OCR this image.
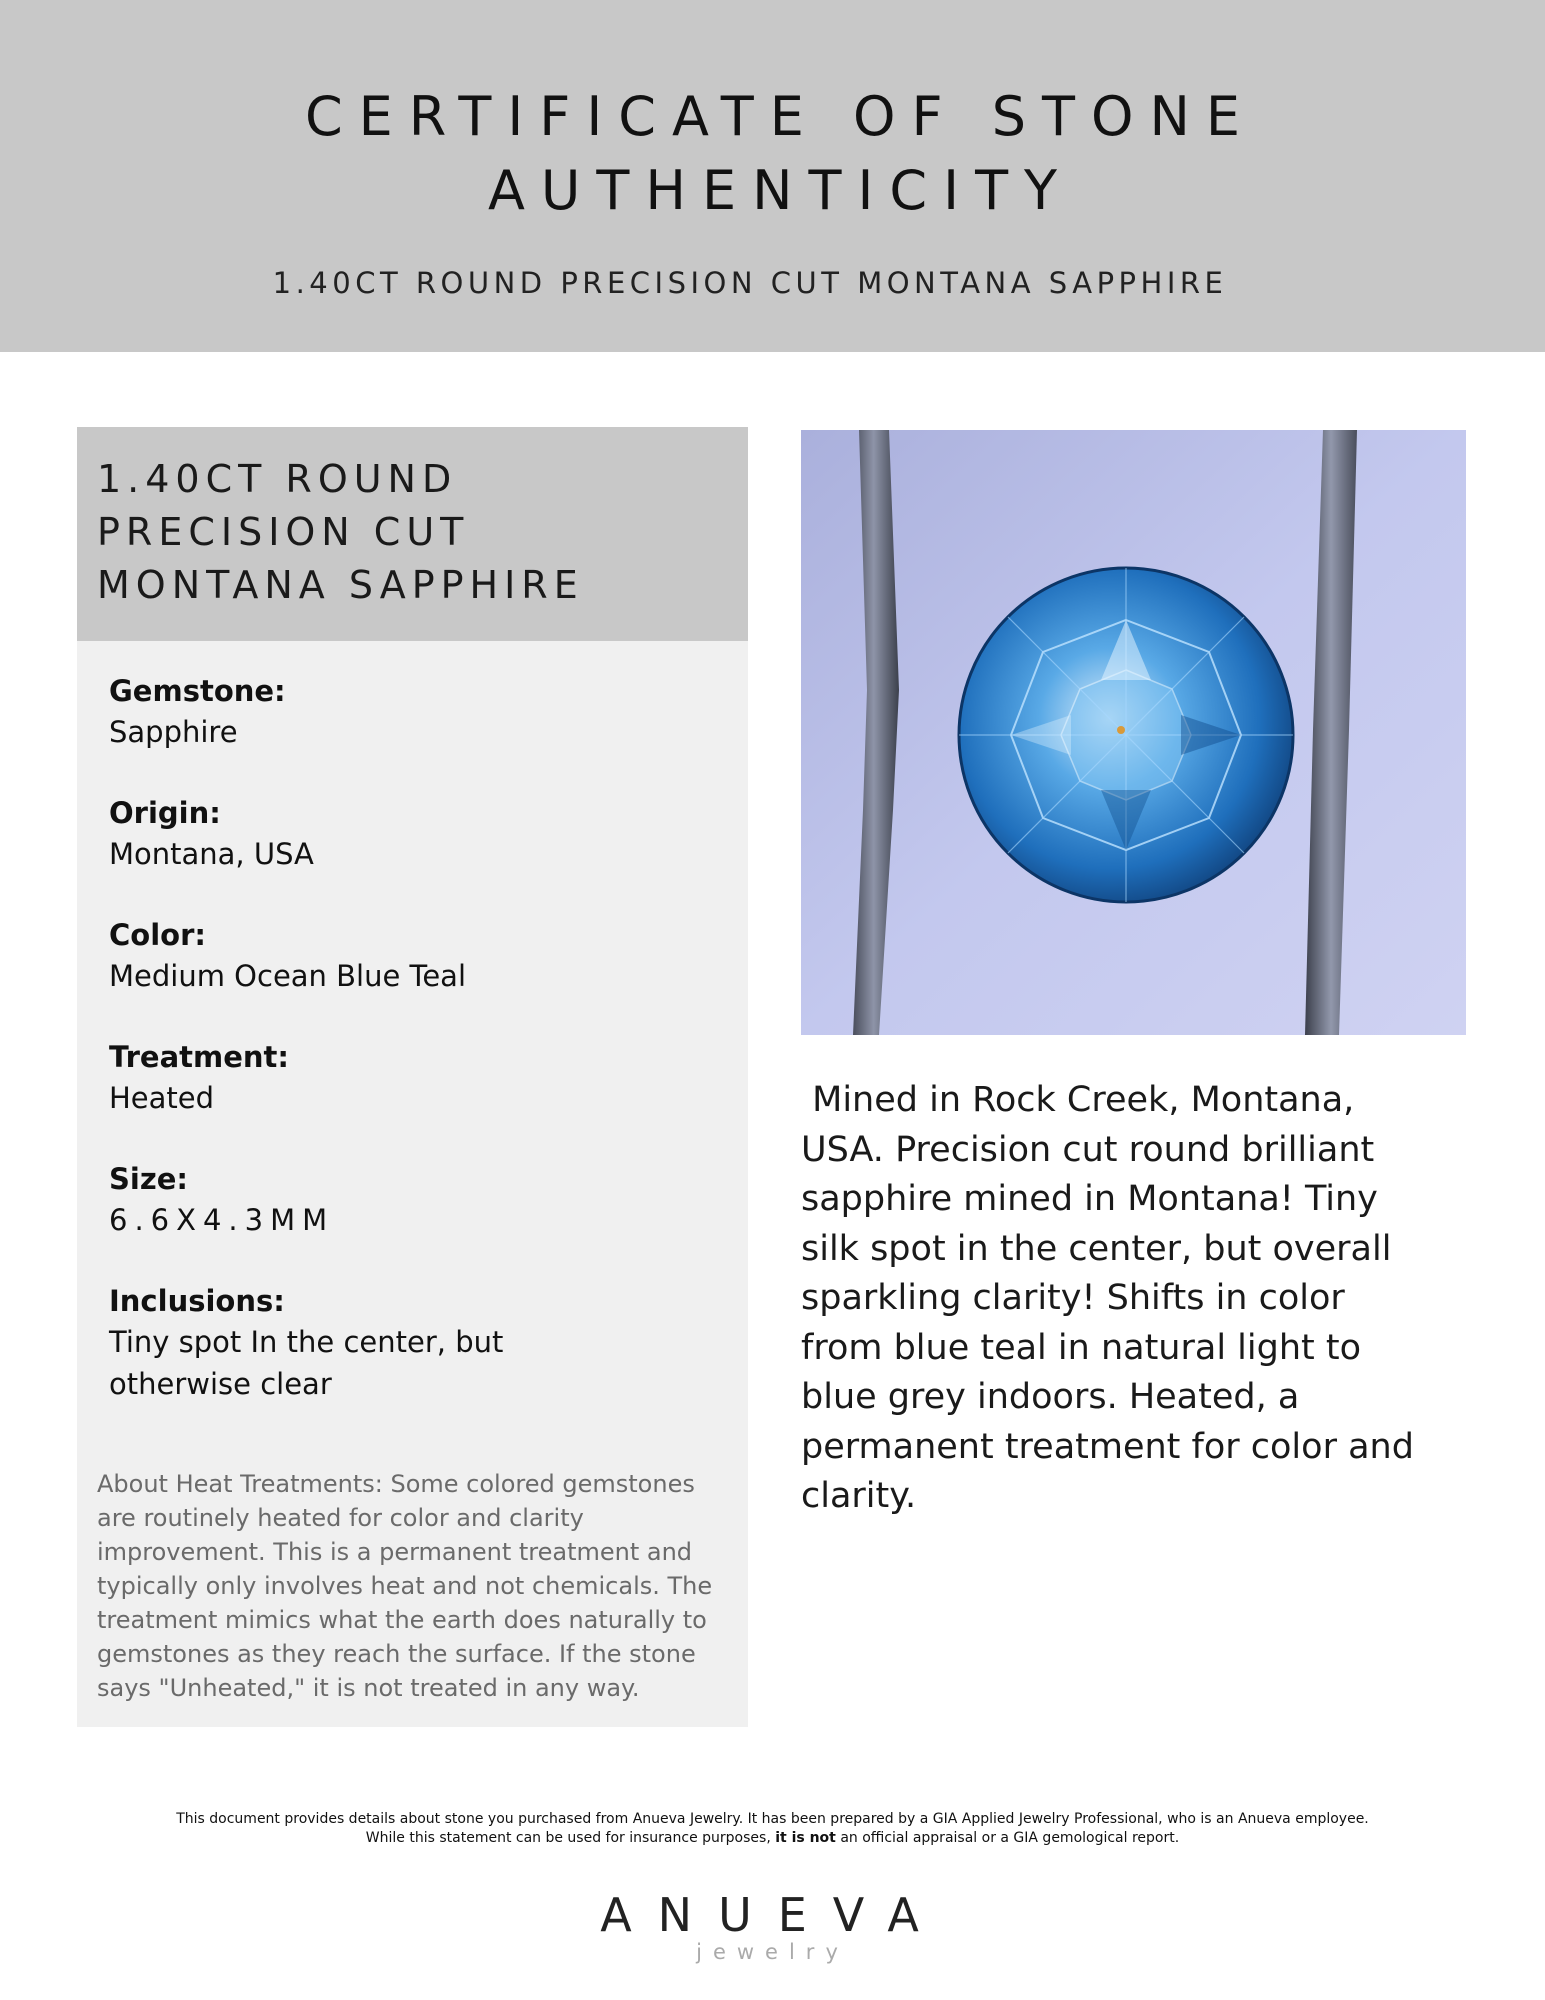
CERTIFICATE OF STONE
AUTHENTICITY
1.40CT ROUND PRECISION CUT MONTANA SAPPHIRE
1.40CT ROUND
PRECISION CUT
MONTANA SAPPHIRE
Gemstone:
Sapphire
Origin:
Montana, USA
Color:
Medium Ocean Blue Teal
Treatment:
Heated
Size:
6.6X4.3MM
Inclusions:
Tiny spot In the center, but
otherwise clear
About Heat Treatments: Some colored gemstones
are routinely heated for color and clarity
improvement. This is a permanent treatment and
typically only involves heat and not chemicals. The
treatment mimics what the earth does naturally to
gemstones as they reach the surface. If the stone
says "Unheated," it is not treated in any way.
Mined in Rock Creek, Montana,
USA. Precision cut round brilliant
sapphire mined in Montana! Tiny
silk spot in the center, but overall
sparkling clarity! Shifts in color
from blue teal in natural light to
blue grey indoors. Heated, a
permanent treatment for color and
clarity.
This document provides details about stone you purchased from Anueva Jewelry. It has been prepared by a GIA Applied Jewelry Professional, who is an Anueva employee.
While this statement can be used for insurance purposes, it is not an official appraisal or a GIA gemological report.
ANUEVA
jewelry
